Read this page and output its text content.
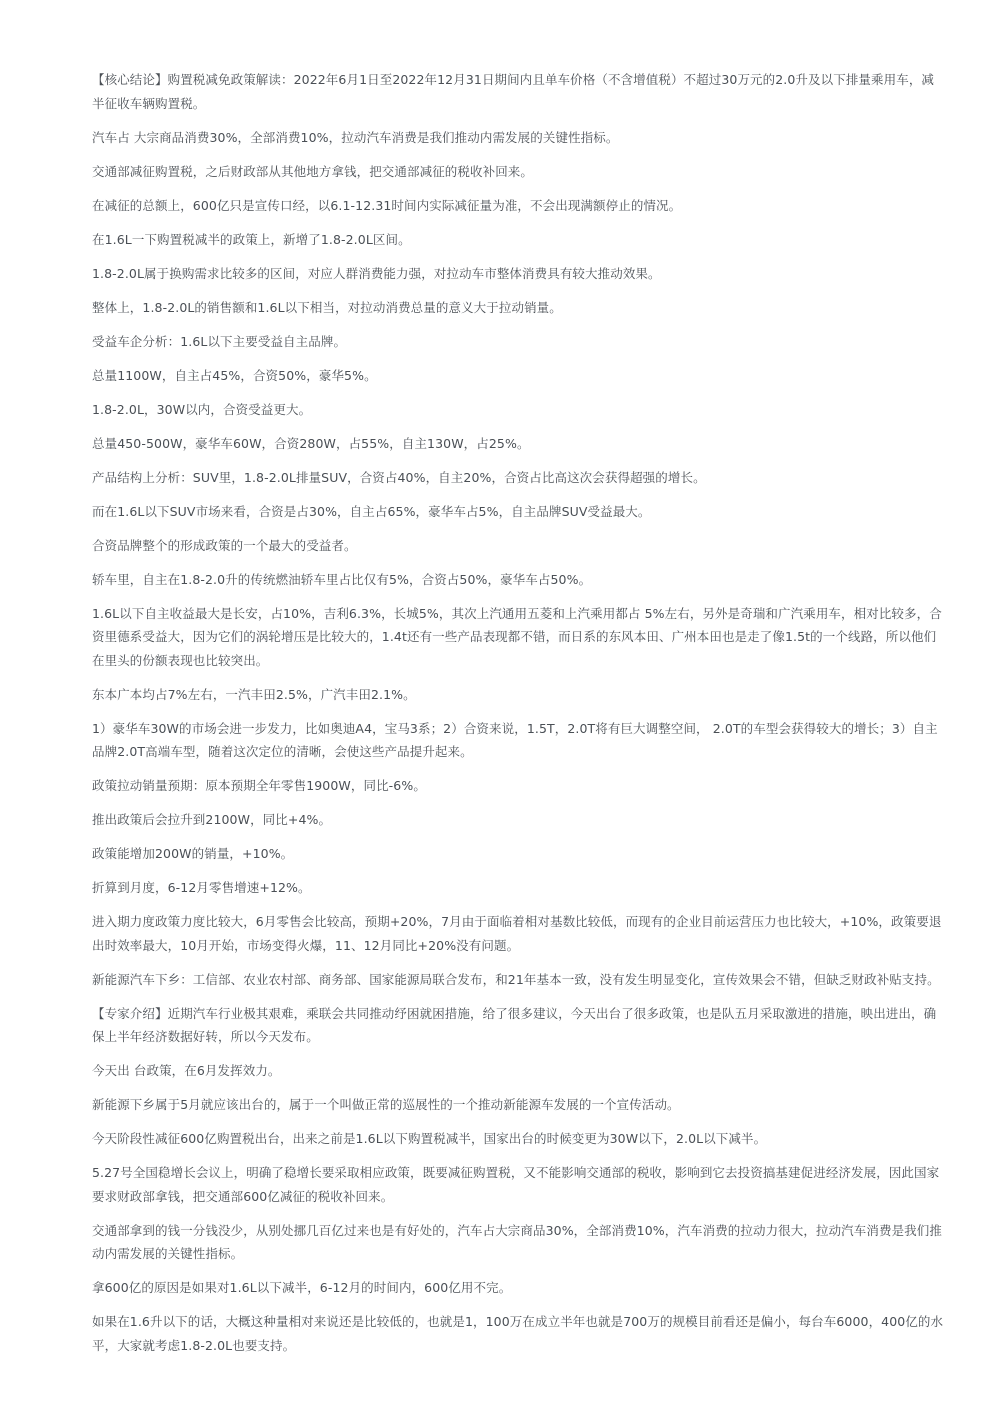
【核心结论】购置税减免政策解读：2022年6月1日至2022年12月31日期间内且单车价格（不含增值税）不超过30万元的2.0升及以下排量乘用车，减半征收车辆购置税。

汽车占 大宗商品消费30%，全部消费10%，拉动汽车消费是我们推动内需发展的关键性指标。

交通部减征购置税，之后财政部从其他地方拿钱，把交通部减征的税收补回来。

在减征的总额上，600亿只是宣传口经，以6.1-12.31时间内实际减征量为准，不会出现满额停止的情况。

在1.6L一下购置税减半的政策上，新增了1.8-2.0L区间。

1.8-2.0L属于换购需求比较多的区间，对应人群消费能力强，对拉动车市整体消费具有较大推动效果。

整体上，1.8-2.0L的销售额和1.6L以下相当，对拉动消费总量的意义大于拉动销量。

受益车企分析：1.6L以下主要受益自主品牌。

总量1100W，自主占45%，合资50%，豪华5%。

1.8-2.0L，30W以内，合资受益更大。

总量450-500W，豪华车60W，合资280W，占55%，自主130W，占25%。

产品结构上分析：SUV里，1.8-2.0L排量SUV，合资占40%，自主20%，合资占比高这次会获得超强的增长。

而在1.6L以下SUV市场来看，合资是占30%，自主占65%，豪华车占5%，自主品牌SUV受益最大。

合资品牌整个的形成政策的一个最大的受益者。

轿车里，自主在1.8-2.0升的传统燃油轿车里占比仅有5%，合资占50%，豪华车占50%。

1.6L以下自主收益最大是长安，占10%，吉利6.3%，长城5%，其次上汽通用五菱和上汽乘用都占 5%左右，另外是奇瑞和广汽乘用车，相对比较多，合资里德系受益大，因为它们的涡轮增压是比较大的，1.4t还有一些产品表现都不错，而日系的东风本田、广州本田也是走了像1.5t的一个线路，所以他们在里头的份额表现也比较突出。

东本广本均占7%左右，一汽丰田2.5%，广汽丰田2.1%。

1）豪华车30W的市场会进一步发力，比如奥迪A4，宝马3系；2）合资来说，1.5T，2.0T将有巨大调整空间， 2.0T的车型会获得较大的增长；3）自主品牌2.0T高端车型，随着这次定位的清晰，会使这些产品提升起来。

政策拉动销量预期：原本预期全年零售1900W，同比-6%。

推出政策后会拉升到2100W，同比+4%。

政策能增加200W的销量，+10%。

折算到月度，6-12月零售增速+12%。

进入期力度政策力度比较大，6月零售会比较高，预期+20%，7月由于面临着相对基数比较低，而现有的企业目前运营压力也比较大，+10%，政策要退出时效率最大，10月开始，市场变得火爆，11、12月同比+20%没有问题。

新能源汽车下乡：工信部、农业农村部、商务部、国家能源局联合发布，和21年基本一致，没有发生明显变化，宣传效果会不错，但缺乏财政补贴支持。

【专家介绍】近期汽车行业极其艰难，乘联会共同推动纾困就困措施，给了很多建议，今天出台了很多政策，也是队五月采取激进的措施，映出进出，确保上半年经济数据好转，所以今天发布。

今天出 台政策，在6月发挥效力。

新能源下乡属于5月就应该出台的，属于一个叫做正常的巡展性的一个推动新能源车发展的一个宣传活动。

今天阶段性减征600亿购置税出台，出来之前是1.6L以下购置税减半，国家出台的时候变更为30W以下，2.0L以下减半。

5.27号全国稳增长会议上，明确了稳增长要采取相应政策，既要减征购置税，又不能影响交通部的税收，影响到它去投资搞基建促进经济发展，因此国家要求财政部拿钱，把交通部600亿减征的税收补回来。

交通部拿到的钱一分钱没少，从别处挪几百亿过来也是有好处的，汽车占大宗商品30%，全部消费10%，汽车消费的拉动力很大，拉动汽车消费是我们推动内需发展的关键性指标。

拿600亿的原因是如果对1.6L以下减半，6-12月的时间内，600亿用不完。

如果在1.6升以下的话，大概这种量相对来说还是比较低的，也就是1，100万在成立半年也就是700万的规模目前看还是偏小，每台车6000，400亿的水平，大家就考虑1.8-2.0L也要支持。
